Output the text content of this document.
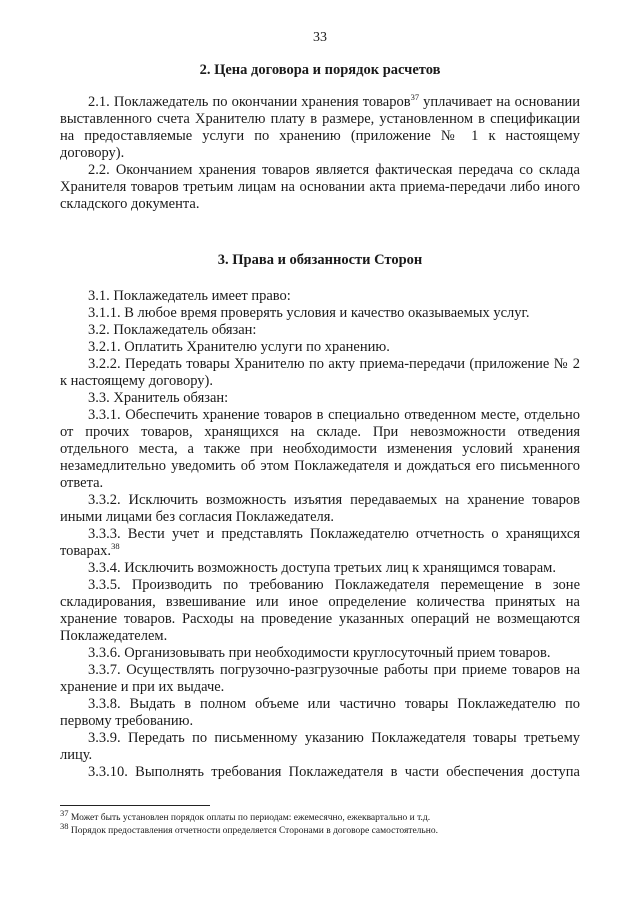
33
2. Цена договора и порядок расчетов

2.1. Поклажедатель по окончании хранения товаров$^{37}$ уплачивает на основании выставленного счета Хранителю плату в размере, установленном в спецификации на предоставляемые услуги по хранению (приложение № 1 к настоящему договору).

2.2. Окончанием хранения товаров является фактическая передача со склада Хранителя товаров третьим лицам на основании акта приема-передачи либо иного складского документа.

3. Права и обязанности Сторон

3.1. Поклажедатель имеет право:

3.1.1. В любое время проверять условия и качество оказываемых услуг.

3.2. Поклажедатель обязан:

3.2.1. Оплатить Хранителю услуги по хранению.

3.2.2. Передать товары Хранителю по акту приема-передачи (приложение № 2 к настоящему договору).

3.3. Хранитель обязан:

3.3.1. Обеспечить хранение товаров в специально отведенном месте, отдельно от прочих товаров, хранящихся на складе. При невозможности отведения отдельного места, а также при необходимости изменения условий хранения незамедлительно уведомить об этом Поклажедателя и дождаться его письменного ответа.

3.3.2. Исключить возможность изъятия передаваемых на хранение товаров иными лицами без согласия Поклажедателя.

3.3.3. Вести учет и представлять Поклажедателю отчетность о хранящихся товарах.$^{38}$

3.3.4. Исключить возможность доступа третьих лиц к хранящимся товарам.

3.3.5. Производить по требованию Поклажедателя перемещение в зоне складирования, взвешивание или иное определение количества принятых на хранение товаров. Расходы на проведение указанных операций не возмещаются Поклажедателем.

3.3.6. Организовывать при необходимости круглосуточный прием товаров.

3.3.7. Осуществлять погрузочно-разгрузочные работы при приеме товаров на хранение и при их выдаче.

3.3.8. Выдать в полном объеме или частично товары Поклажедателю по первому требованию.

3.3.9. Передать по письменному указанию Поклажедателя товары третьему лицу.

3.3.10. Выполнять требования Поклажедателя в части обеспечения доступа

$^{37}$ Может быть установлен порядок оплаты по периодам: ежемесячно, ежеквартально и т.д.

$^{38}$ Порядок предоставления отчетности определяется Сторонами в договоре самостоятельно.
